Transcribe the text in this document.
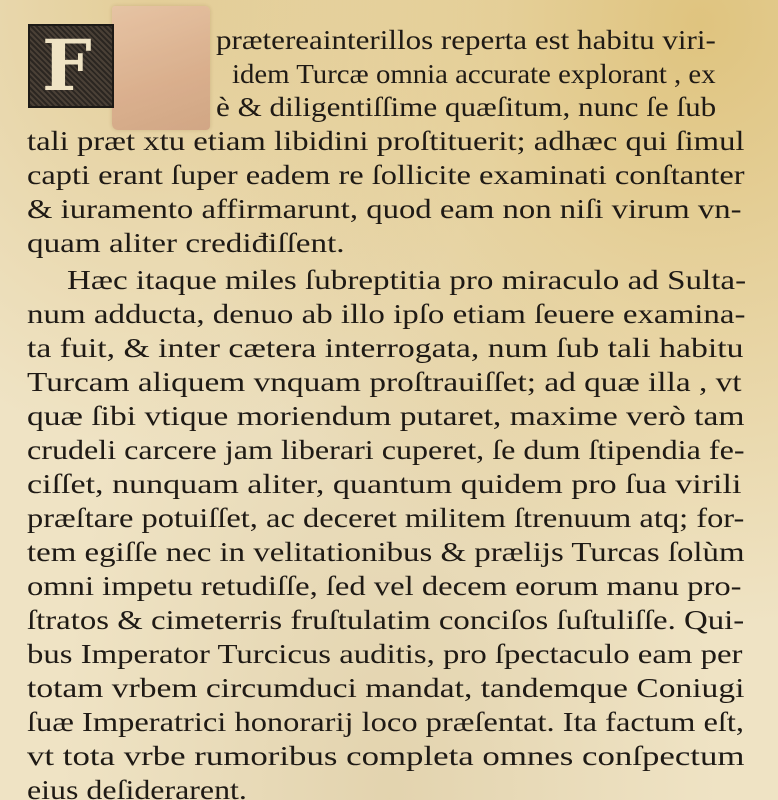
F	prætereainterillos reperta est habitu viri-
idem Turcæ omnia accurate explorant , ex
è & diligentiſſime quæſitum, nunc ſe ſub
tali præt xtu etiam libidini proſtituerit; adhæc qui ſimul
capti erant ſuper eadem re ſollicite examinati conſtanter
& iuramento affirmarunt, quod eam non niſi virum vn-
quam aliter crediđiſſent.
Hæc itaque miles ſubreptitia pro miraculo ad Sulta-
num adducta, denuo ab illo ipſo etiam ſeuere examina-
ta fuit, & inter cætera interrogata, num ſub tali habitu
Turcam aliquem vnquam proſtrauiſſet; ad quæ illa , vt
quæ ſibi vtique moriendum putaret, maxime verò tam
crudeli carcere jam liberari cuperet, ſe dum ſtipendia fe-
ciſſet, nunquam aliter, quantum quidem pro ſua virili
præſtare potuiſſet, ac deceret militem ſtrenuum atq; for-
tem egiſſe nec in velitationibus & prælijs Turcas ſolùm
omni impetu retudiſſe, ſed vel decem eorum manu pro-
ſtratos & cimeterris fruſtulatim conciſos ſuſtuliſſe. Qui-
bus Imperator Turcicus auditis, pro ſpectaculo eam per
totam vrbem circumduci mandat, tandemque Coniugi
ſuæ Imperatrici honorarij loco præſentat. Ita factum eſt,
vt tota vrbe rumoribus completa omnes conſpectum
eius deſiderarent.
